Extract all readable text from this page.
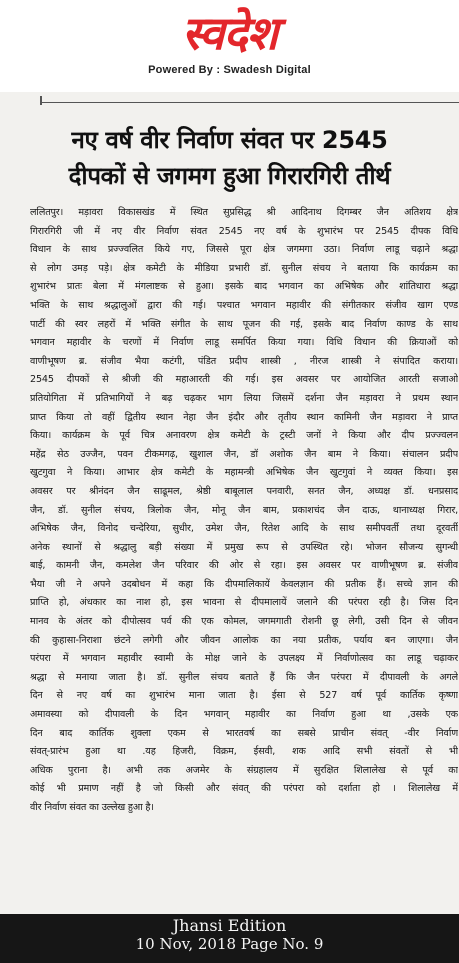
स्वदेश
Powered By : Swadesh Digital
नए वर्ष वीर निर्वाण संवत पर 2545
दीपकों से जगमग हुआ गिरारगिरी तीर्थ
ललितपुर। मड़ावरा विकासखंड में स्थित सुप्रसिद्ध श्री आदिनाथ दिगम्बर जैन अतिशय क्षेत्र
गिरारगिरी जी में नए वीर निर्वाण संवत 2545 नए वर्ष के शुभारंभ पर 2545 दीपक विधि
विधान के साथ प्रज्ज्वलित किये गए, जिससे पूरा क्षेत्र जगमगा उठा। निर्वाण लाडू चढ़ाने श्रद्धा
से लोग उमड़ पड़े। क्षेत्र कमेटी के मीडिया प्रभारी डॉ. सुनील संचय ने बताया कि कार्यक्रम का
शुभारंभ प्रातः बेला में मंगलाष्टक से हुआ। इसके बाद भगवान का अभिषेक और शांतिधारा श्रद्धा
भक्ति के साथ श्रद्धालुओं द्वारा की गई। पश्चात भगवान महावीर की संगीतकार संजीव खाग एण्ड
पार्टी की स्वर लहरों में भक्ति संगीत के साथ पूजन की गई, इसके बाद निर्वाण काण्ड के साथ
भगवान महावीर के चरणों में निर्वाण लाडू समर्पित किया गया। विधि विधान की क्रियाओं को
वाणीभूषण ब्र. संजीव भैया कटंगी, पंडित प्रदीप शास्त्री , नीरज शास्त्री ने संपादित कराया।
2545 दीपकों से श्रीजी की महाआरती की गई। इस अवसर पर आयोजित आरती सजाओ
प्रतियोगिता में प्रतिभागियों ने बढ़ चढ़कर भाग लिया जिसमें दर्शना जैन मड़ावरा ने प्रथम स्थान
प्राप्त किया तो वहीं द्वितीय स्थान नेहा जैन इंदौर और तृतीय स्थान कामिनी जैन मड़ावरा ने प्राप्त
किया। कार्यक्रम के पूर्व चित्र अनावरण क्षेत्र कमेटी के ट्रस्टी जनों ने किया और दीप प्रज्ज्वलन
महेंद्र सेठ उज्जैन, पवन टीकमगढ़, खुशाल जैन, डॉ अशोक जैन बाम ने किया। संचालन प्रदीप
खुटगुवा ने किया। आभार क्षेत्र कमेटी के महामन्त्री अभिषेक जैन खुटगुवां ने व्यक्त किया। इस
अवसर पर श्रीनंदन जैन साढूमल, श्रेष्ठी बाबूलाल पनवारी, सनत जैन, अध्यक्ष डॉ. धनप्रसाद
जैन, डॉ. सुनील संचय, त्रिलोक जैन, मोनू जैन बाम, प्रकाशचंद जैन दाऊ, थानाध्यक्ष गिरार,
अभिषेक जैन, विनोद चन्देरिया, सुधीर, उमेश जैन, रितेश आदि के साथ समीपवर्ती तथा दूरवर्ती
अनेक स्थानों से श्रद्धालु बड़ी संख्या में प्रमुख रूप से उपस्थित रहे। भोजन सौजन्य सुगन्धी
बाई, कामनी जैन, कमलेश जैन परिवार की ओर से रहा। इस अवसर पर वाणीभूषण ब्र. संजीव
भैया जी ने अपने उदबोधन में कहा कि दीपमालिकायें केवलज्ञान की प्रतीक हैं। सच्चे ज्ञान की
प्राप्ति हो, अंधकार का नाश हो, इस भावना से दीपमालायें जलाने की परंपरा रही है। जिस दिन
मानव के अंतर को दीपोत्सव पर्व की एक कोमल, जगमगाती रोशनी छू लेगी, उसी दिन से जीवन
की कुहासा-निराशा छंटने लगेगी और जीवन आलोक का नया प्रतीक, पर्याय बन जाएगा। जैन
परंपरा में भगवान महावीर स्वामी के मोक्ष जाने के उपलक्ष्य में निर्वाणोत्सव का लाडू चढ़ाकर
श्रद्धा से मनाया जाता है। डॉ. सुनील संचय बताते हैं कि जैन परंपरा में दीपावली के अगले
दिन से नए वर्ष का शुभारंभ माना जाता है। ईसा से 527 वर्ष पूर्व कार्तिक कृष्णा
अमावस्या को दीपावली के दिन भगवान् महावीर का निर्वाण हुआ था ,उसके एक
दिन बाद कार्तिक शुक्ला एकम से भारतवर्ष का सबसे प्राचीन संवत् -वीर निर्वाण
संवत्-प्रारंभ हुआ था .यह हिजरी, विक्रम, ईसवी, शक आदि सभी संवतों से भी
अधिक पुराना है। अभी तक अजमेर के संग्रहालय में सुरक्षित शिलालेख से पूर्व का
कोई भी प्रमाण नहीं है जो किसी और संवत् की परंपरा को दर्शाता हो । शिलालेख में
वीर निर्वाण संवत का उल्लेख हुआ है।
Jhansi Edition
10 Nov, 2018 Page No. 9
